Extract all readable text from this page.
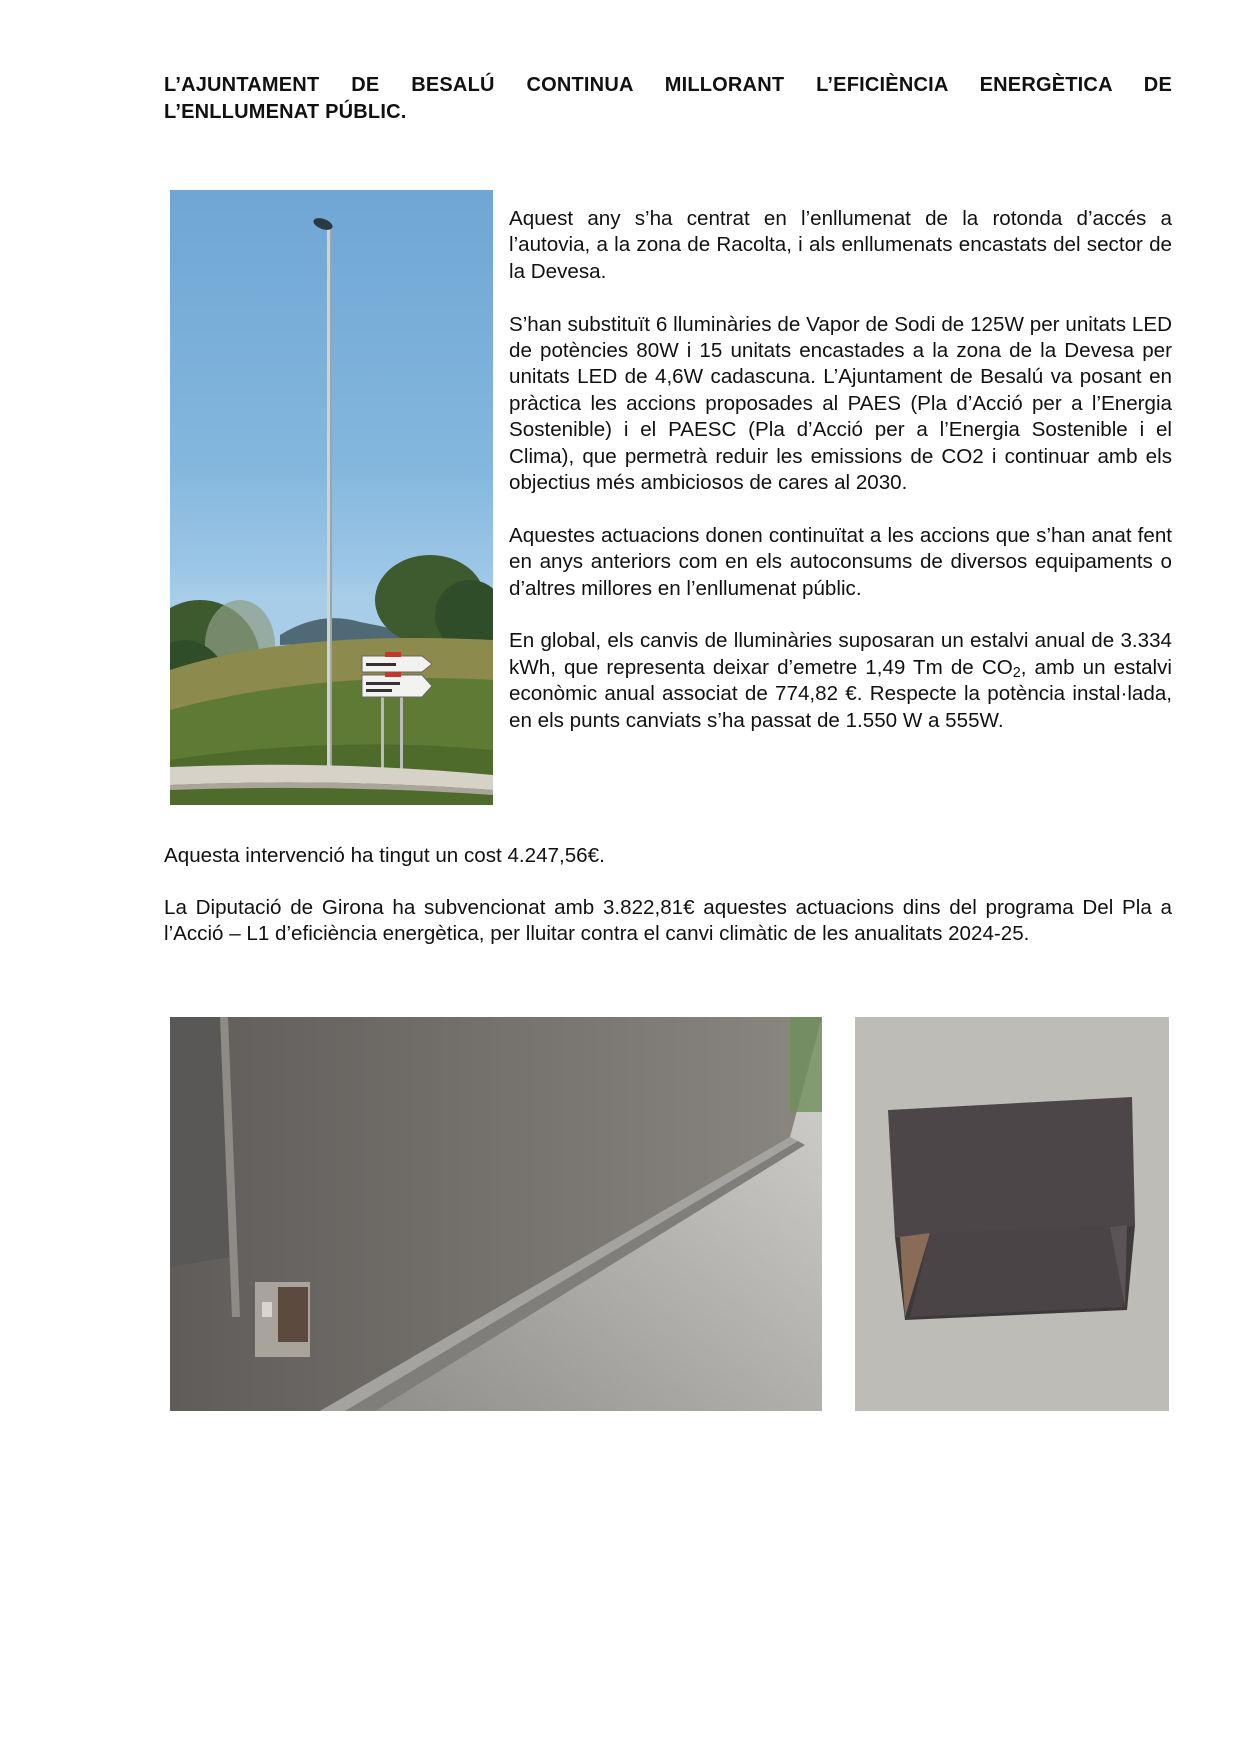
L’AJUNTAMENT DE BESALÚ CONTINUA MILLORANT L’EFICIÈNCIA ENERGÈTICA DE
L’ENLLUMENAT PÚBLIC.

Aquest any s’ha centrat en l’enllumenat de la rotonda d’accés a l’autovia, a la zona de Racolta, i als enllumenats encastats del sector de la Devesa.

S’han substituït 6 lluminàries de Vapor de Sodi de 125W per unitats LED de potències 80W i 15 unitats encastades a la zona de la Devesa per unitats LED de 4,6W cadascuna. L’Ajuntament de Besalú va posant en pràctica les accions proposades al PAES (Pla d’Acció per a l’Energia Sostenible) i el PAESC (Pla d’Acció per a l’Energia Sostenible i el Clima), que permetrà reduir les emissions de CO2 i continuar amb els objectius més ambiciosos de cares al 2030.

Aquestes actuacions donen continuïtat a les accions que s’han anat fent en anys anteriors com en els autoconsums de diversos equipaments o d’altres millores en l’enllumenat públic.

En global, els canvis de lluminàries suposaran un estalvi anual de 3.334 kWh, que representa deixar d’emetre 1,49 Tm de $CO_2$, amb un estalvi econòmic anual associat de 774,82 €. Respecte la potència instal·lada, en els punts canviats s’ha passat de 1.550 W a 555W.

Aquesta intervenció ha tingut un cost 4.247,56€.

La Diputació de Girona ha subvencionat amb 3.822,81€ aquestes actuacions dins del programa Del Pla a l’Acció – L1 d’eficiència energètica, per lluitar contra el canvi climàtic de les anualitats 2024-25.
